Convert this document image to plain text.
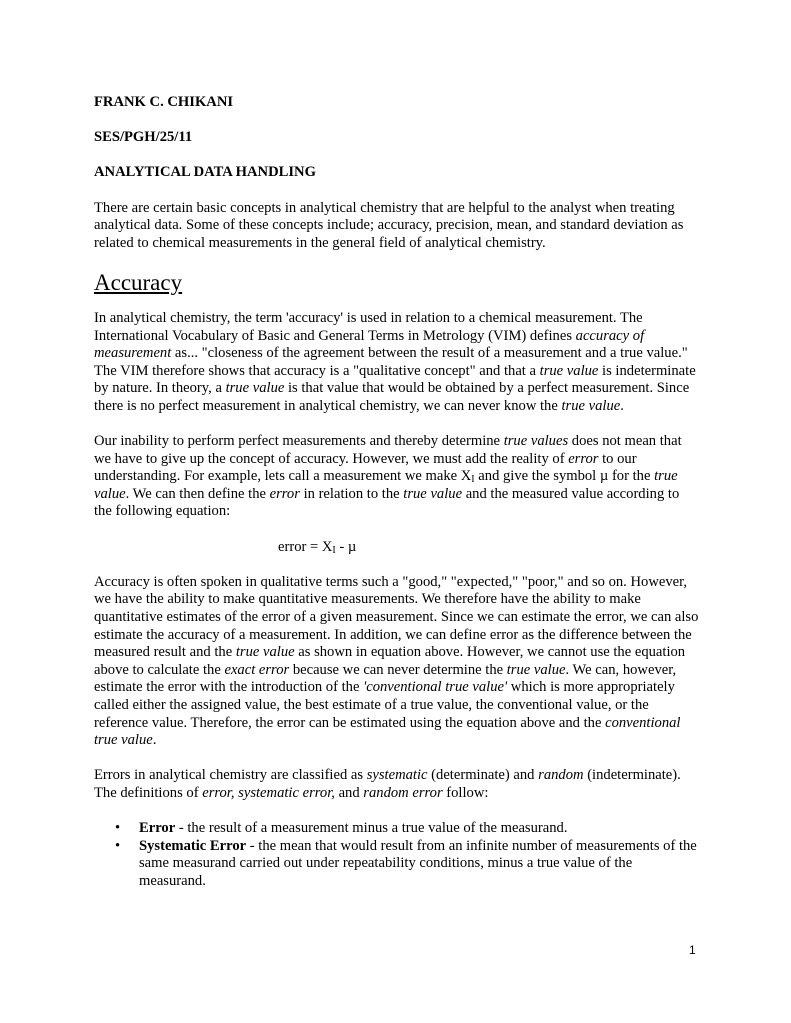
FRANK C. CHIKANI
SES/PGH/25/11
ANALYTICAL DATA HANDLING

There are certain basic concepts in analytical chemistry that are helpful to the analyst when treating analytical data. Some of these concepts include; accuracy, precision, mean, and standard deviation as related to chemical measurements in the general field of analytical chemistry.

Accuracy

In analytical chemistry, the term 'accuracy' is used in relation to a chemical measurement. The International Vocabulary of Basic and General Terms in Metrology (VIM) defines accuracy of measurement as... "closeness of the agreement between the result of a measurement and a true value." The VIM therefore shows that accuracy is a "qualitative concept" and that a true value is indeterminate by nature. In theory, a true value is that value that would be obtained by a perfect measurement. Since there is no perfect measurement in analytical chemistry, we can never know the true value.

Our inability to perform perfect measurements and thereby determine true values does not mean that we have to give up the concept of accuracy. However, we must add the reality of error to our understanding. For example, lets call a measurement we make $X_I$ and give the symbol µ for the true value. We can then define the error in relation to the true value and the measured value according to the following equation:

error = $X_I$ - µ

Accuracy is often spoken in qualitative terms such a "good," "expected," "poor," and so on. However, we have the ability to make quantitative measurements. We therefore have the ability to make quantitative estimates of the error of a given measurement. Since we can estimate the error, we can also estimate the accuracy of a measurement. In addition, we can define error as the difference between the measured result and the true value as shown in equation above. However, we cannot use the equation above to calculate the exact error because we can never determine the true value. We can, however, estimate the error with the introduction of the 'conventional true value' which is more appropriately called either the assigned value, the best estimate of a true value, the conventional value, or the reference value. Therefore, the error can be estimated using the equation above and the conventional true value.

Errors in analytical chemistry are classified as systematic (determinate) and random (indeterminate). The definitions of error, systematic error, and random error follow:

• Error - the result of a measurement minus a true value of the measurand.
• Systematic Error - the mean that would result from an infinite number of measurements of the same measurand carried out under repeatability conditions, minus a true value of the measurand.
1
